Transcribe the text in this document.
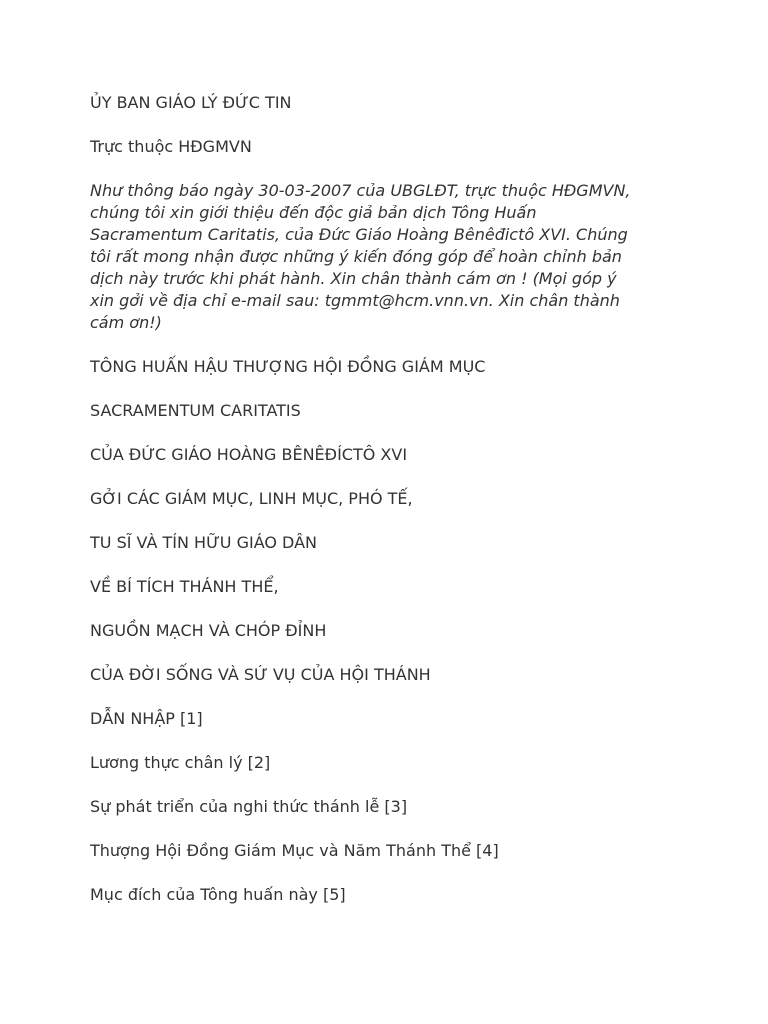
ỦY BAN GIÁO LÝ ĐỨC TIN

Trực thuộc HĐGMVN

Như thông báo ngày 30-03-2007 của UBGLĐT, trực thuộc HĐGMVN,
chúng tôi xin giới thiệu đến độc giả bản dịch Tông Huấn
Sacramentum Caritatis, của Đức Giáo Hoàng Bênêđictô XVI. Chúng
tôi rất mong nhận được những ý kiến đóng góp để hoàn chỉnh bản
dịch này trước khi phát hành. Xin chân thành cám ơn ! (Mọi góp ý
xin gởi về địa chỉ e-mail sau: tgmmt@hcm.vnn.vn. Xin chân thành
cám ơn!)

TÔNG HUẤN HẬU THƯỢNG HỘI ĐỒNG GIÁM MỤC

SACRAMENTUM CARITATIS

CỦA ĐỨC GIÁO HOÀNG BÊNÊĐÍCTÔ XVI

GỞI CÁC GIÁM MỤC, LINH MỤC, PHÓ TẾ,

TU SĨ VÀ TÍN HỮU GIÁO DÂN

VỀ BÍ TÍCH THÁNH THỂ,

NGUỒN MẠCH VÀ CHÓP ĐỈNH

CỦA ĐỜI SỐNG VÀ SỨ VỤ CỦA HỘI THÁNH

DẪN NHẬP [1]

Lương thực chân lý [2]

Sự phát triển của nghi thức thánh lễ [3]

Thượng Hội Đồng Giám Mục và Năm Thánh Thể [4]

Mục đích của Tông huấn này [5]
